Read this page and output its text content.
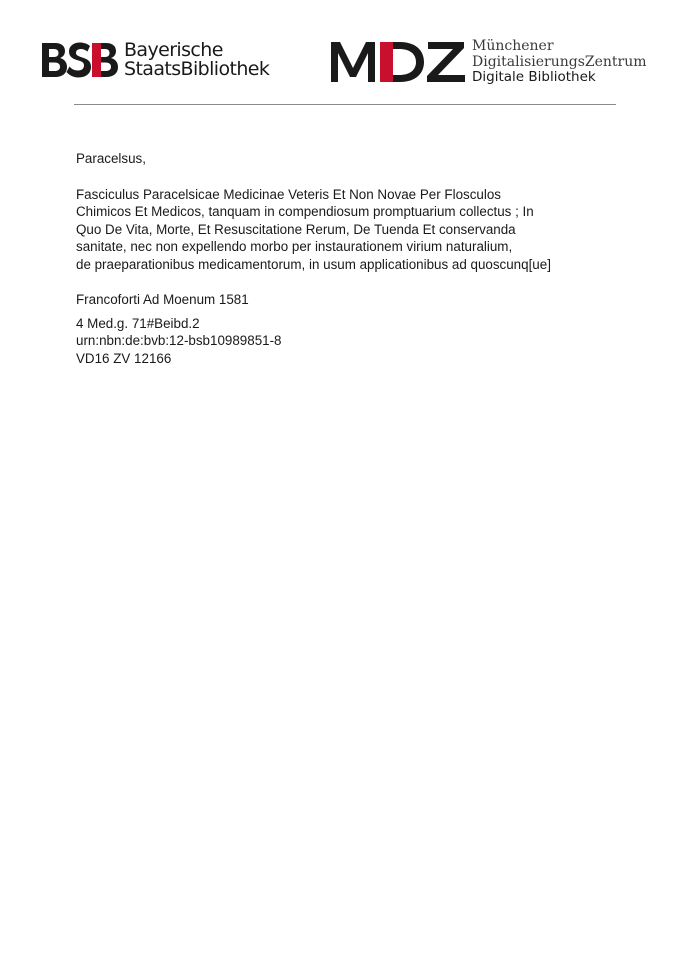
Bayerische
StaatsBibliothek
Münchener
DigitalisierungsZentrum
Digitale Bibliothek
Paracelsus,
Fasciculus Paracelsicae Medicinae Veteris Et Non Novae Per Flosculos
Chimicos Et Medicos, tanquam in compendiosum promptuarium collectus ; In
Quo De Vita, Morte, Et Resuscitatione Rerum, De Tuenda Et conservanda
sanitate, nec non expellendo morbo per instaurationem virium naturalium,
de praeparationibus medicamentorum, in usum applicationibus ad quoscunq[ue]
Francoforti Ad Moenum 1581
4 Med.g. 71#Beibd.2
urn:nbn:de:bvb:12-bsb10989851-8
VD16 ZV 12166
